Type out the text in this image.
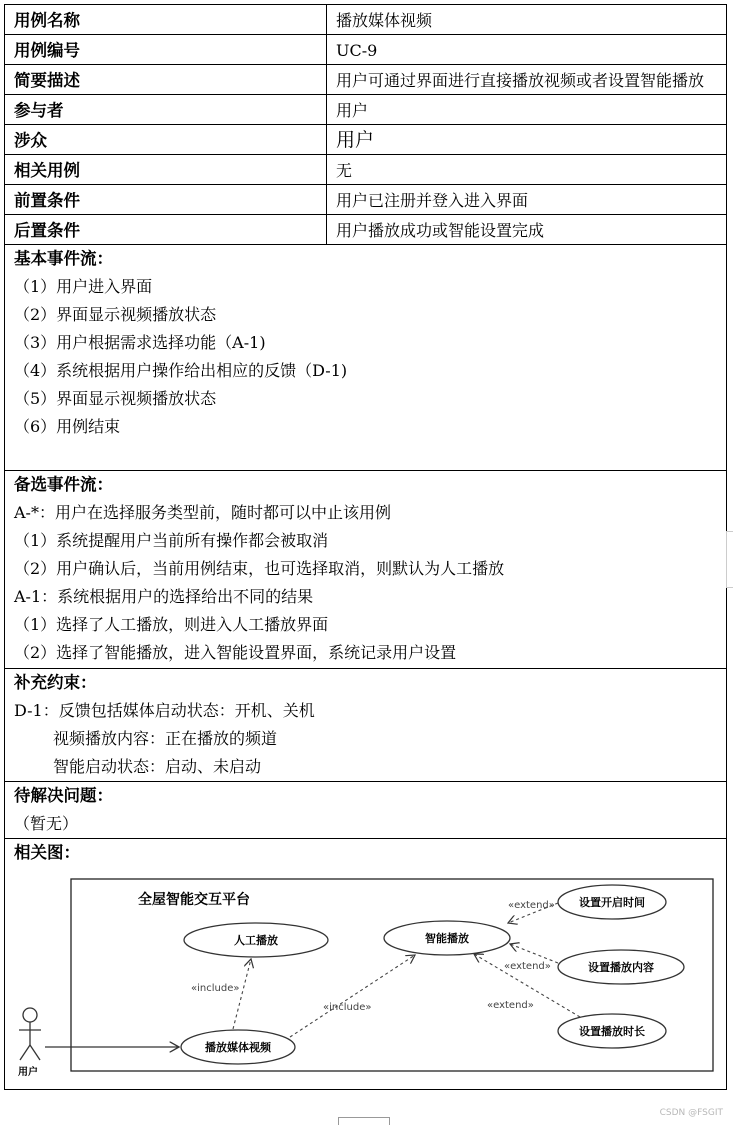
用例名称	播放媒体视频
用例编号	UC-9
简要描述	用户可通过界面进行直接播放视频或者设置智能播放
参与者	用户
涉众	用户
相关用例	无
前置条件	用户已注册并登入进入界面
后置条件	用户播放成功或智能设置完成
基本事件流：
（1）用户进入界面
（2）界面显示视频播放状态
（3）用户根据需求选择功能（A-1)
（4）系统根据用户操作给出相应的反馈（D-1)
（5）界面显示视频播放状态
（6）用例结束
备选事件流：
A-*：用户在选择服务类型前，随时都可以中止该用例
（1）系统提醒用户当前所有操作都会被取消
（2）用户确认后，当前用例结束，也可选择取消，则默认为人工播放
A-1：系统根据用户的选择给出不同的结果
（1）选择了人工播放，则进入人工播放界面
（2）选择了智能播放，进入智能设置界面，系统记录用户设置
补充约束：
D-1：反馈包括媒体启动状态：开机、关机
视频播放内容：正在播放的频道
智能启动状态：启动、未启动
待解决问题：
（暂无）
相关图：
全屋智能交互平台
用户
人工播放	智能播放
播放媒体视频
设置开启时间
设置播放内容
设置播放时长
«include»
«include»
«extend»
«extend»
«extend»
CSDN @FSGIT
